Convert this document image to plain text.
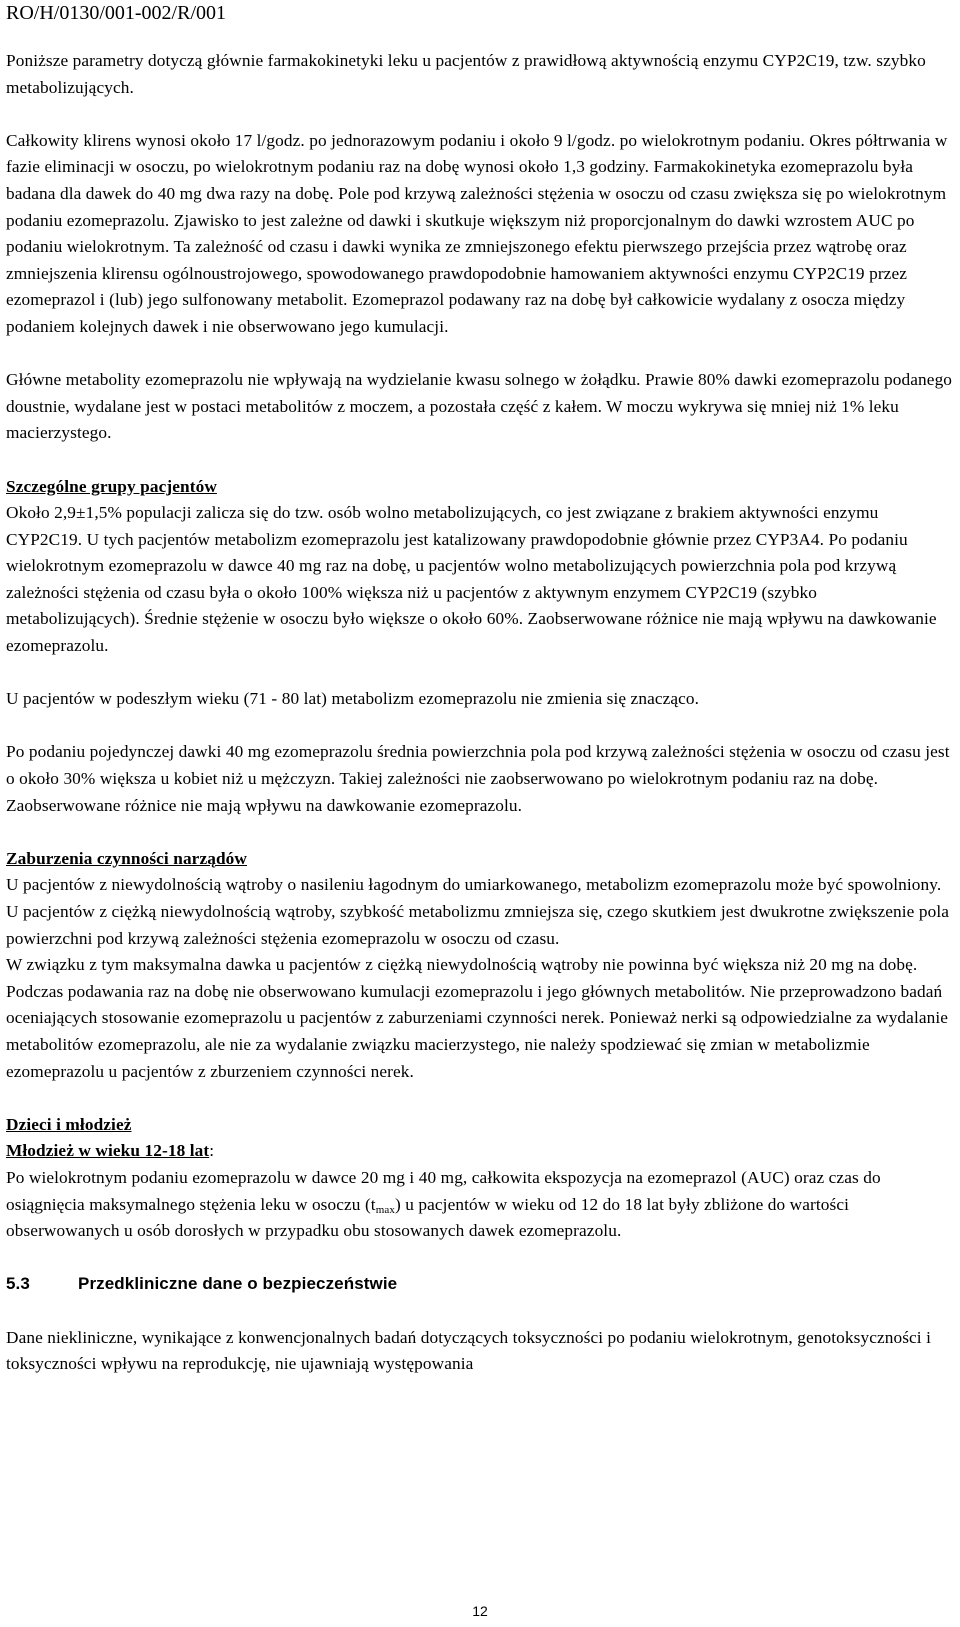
RO/H/0130/001-002/R/001

Poniższe parametry dotyczą głównie farmakokinetyki leku u pacjentów z prawidłową aktywnością enzymu CYP2C19, tzw. szybko metabolizujących.

Całkowity klirens wynosi około 17 l/godz. po jednorazowym podaniu i około 9 l/godz. po wielokrotnym podaniu. Okres półtrwania w fazie eliminacji w osoczu, po wielokrotnym podaniu raz na dobę wynosi około 1,3 godziny. Farmakokinetyka ezomeprazolu była badana dla dawek do 40 mg dwa razy na dobę. Pole pod krzywą zależności stężenia w osoczu od czasu zwiększa się po wielokrotnym podaniu ezomeprazolu. Zjawisko to jest zależne od dawki i skutkuje większym niż proporcjonalnym do dawki wzrostem AUC po podaniu wielokrotnym. Ta zależność od czasu i dawki wynika ze zmniejszonego efektu pierwszego przejścia przez wątrobę oraz zmniejszenia klirensu ogólnoustrojowego, spowodowanego prawdopodobnie hamowaniem aktywności enzymu CYP2C19 przez ezomeprazol i (lub) jego sulfonowany metabolit. Ezomeprazol podawany raz na dobę był całkowicie wydalany z osocza między podaniem kolejnych dawek i nie obserwowano jego kumulacji.

Główne metabolity ezomeprazolu nie wpływają na wydzielanie kwasu solnego w żołądku. Prawie 80% dawki ezomeprazolu podanego doustnie, wydalane jest w postaci metabolitów z moczem, a pozostała część z kałem. W moczu wykrywa się mniej niż 1% leku macierzystego.

Szczególne grupy pacjentów

Około 2,9±1,5% populacji zalicza się do tzw. osób wolno metabolizujących, co jest związane z brakiem aktywności enzymu CYP2C19. U tych pacjentów metabolizm ezomeprazolu jest katalizowany prawdopodobnie głównie przez CYP3A4. Po podaniu wielokrotnym ezomeprazolu w dawce 40 mg raz na dobę, u pacjentów wolno metabolizujących powierzchnia pola pod krzywą zależności stężenia od czasu była o około 100% większa niż u pacjentów z aktywnym enzymem CYP2C19 (szybko metabolizujących). Średnie stężenie w osoczu było większe o około 60%. Zaobserwowane różnice nie mają wpływu na dawkowanie ezomeprazolu.

U pacjentów w podeszłym wieku (71 - 80 lat) metabolizm ezomeprazolu nie zmienia się znacząco.

Po podaniu pojedynczej dawki 40 mg ezomeprazolu średnia powierzchnia pola pod krzywą zależności stężenia w osoczu od czasu jest o około 30% większa u kobiet niż u mężczyzn. Takiej zależności nie zaobserwowano po wielokrotnym podaniu raz na dobę. Zaobserwowane różnice nie mają wpływu na dawkowanie ezomeprazolu.

Zaburzenia czynności narządów

U pacjentów z niewydolnością wątroby o nasileniu łagodnym do umiarkowanego, metabolizm ezomeprazolu może być spowolniony. U pacjentów z ciężką niewydolnością wątroby, szybkość metabolizmu zmniejsza się, czego skutkiem jest dwukrotne zwiększenie pola powierzchni pod krzywą zależności stężenia ezomeprazolu w osoczu od czasu.

W związku z tym maksymalna dawka u pacjentów z ciężką niewydolnością wątroby nie powinna być większa niż 20 mg na dobę. Podczas podawania raz na dobę nie obserwowano kumulacji ezomeprazolu i jego głównych metabolitów. Nie przeprowadzono badań oceniających stosowanie ezomeprazolu u pacjentów z zaburzeniami czynności nerek. Ponieważ nerki są odpowiedzialne za wydalanie metabolitów ezomeprazolu, ale nie za wydalanie związku macierzystego, nie należy spodziewać się zmian w metabolizmie ezomeprazolu u pacjentów z zburzeniem czynności nerek.

Dzieci i młodzież

Młodzież w wieku 12-18 lat:

Po wielokrotnym podaniu ezomeprazolu w dawce 20 mg i 40 mg, całkowita ekspozycja na ezomeprazol (AUC) oraz czas do osiągnięcia maksymalnego stężenia leku w osoczu $(t_{max})$ u pacjentów w wieku od 12 do 18 lat były zbliżone do wartości obserwowanych u osób dorosłych w przypadku obu stosowanych dawek ezomeprazolu.

5.3	Przedkliniczne dane o bezpieczeństwie

Dane niekliniczne, wynikające z konwencjonalnych badań dotyczących toksyczności po podaniu wielokrotnym, genotoksyczności i toksyczności wpływu na reprodukcję, nie ujawniają występowania

12
